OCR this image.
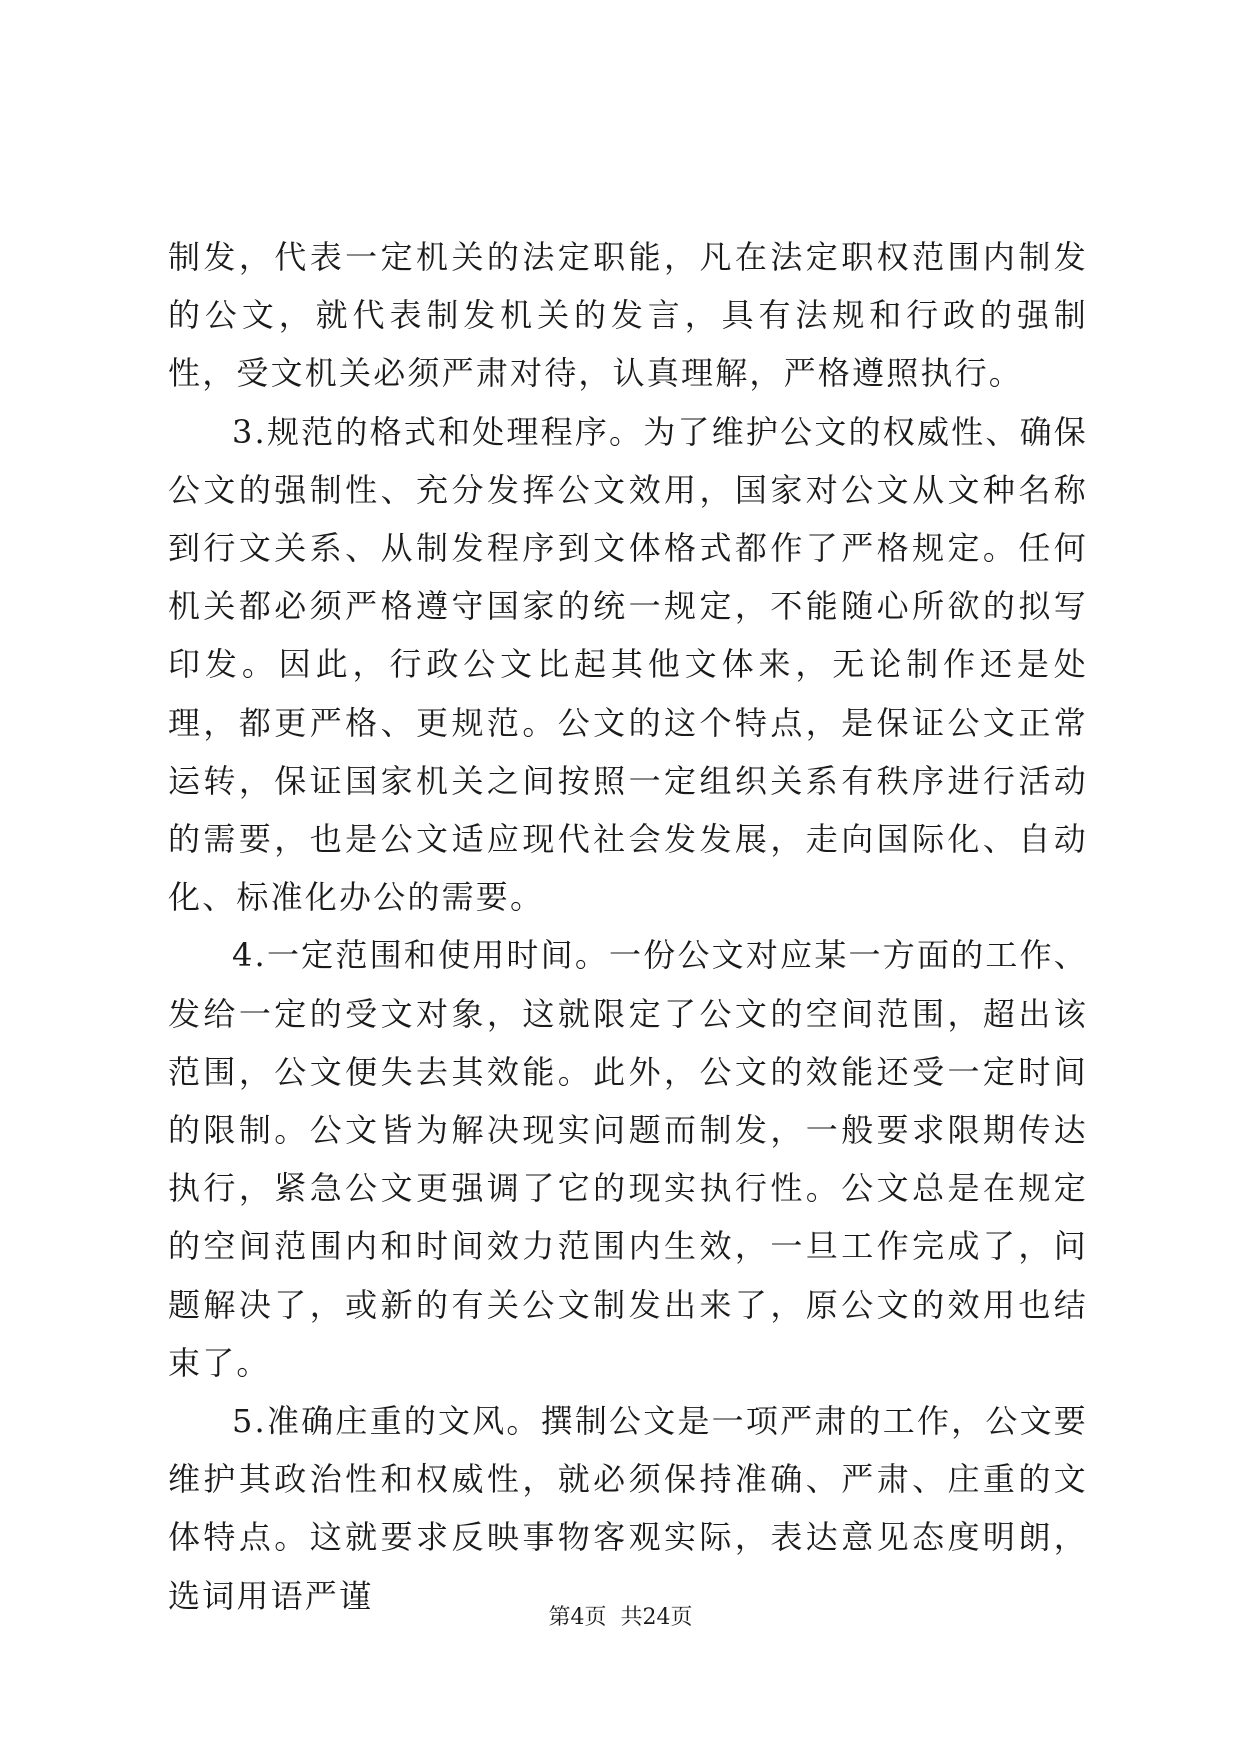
制发，代表一定机关的法定职能，凡在法定职权范围内制发的公文，就代表制发机关的发言，具有法规和行政的强制性，受文机关必须严肃对待，认真理解，严格遵照执行。

3.规范的格式和处理程序。为了维护公文的权威性、确保公文的强制性、充分发挥公文效用，国家对公文从文种名称到行文关系、从制发程序到文体格式都作了严格规定。任何机关都必须严格遵守国家的统一规定，不能随心所欲的拟写印发。因此，行政公文比起其他文体来，无论制作还是处理，都更严格、更规范。公文的这个特点，是保证公文正常运转，保证国家机关之间按照一定组织关系有秩序进行活动的需要，也是公文适应现代社会发发展，走向国际化、自动化、标准化办公的需要。

4.一定范围和使用时间。一份公文对应某一方面的工作、发给一定的受文对象，这就限定了公文的空间范围，超出该范围，公文便失去其效能。此外，公文的效能还受一定时间的限制。公文皆为解决现实问题而制发，一般要求限期传达执行，紧急公文更强调了它的现实执行性。公文总是在规定的空间范围内和时间效力范围内生效，一旦工作完成了，问题解决了，或新的有关公文制发出来了，原公文的效用也结束了。

5.准确庄重的文风。撰制公文是一项严肃的工作，公文要维护其政治性和权威性，就必须保持准确、严肃、庄重的文体特点。这就要求反映事物客观实际，表达意见态度明朗，选词用语严谨

第4页  共24页
